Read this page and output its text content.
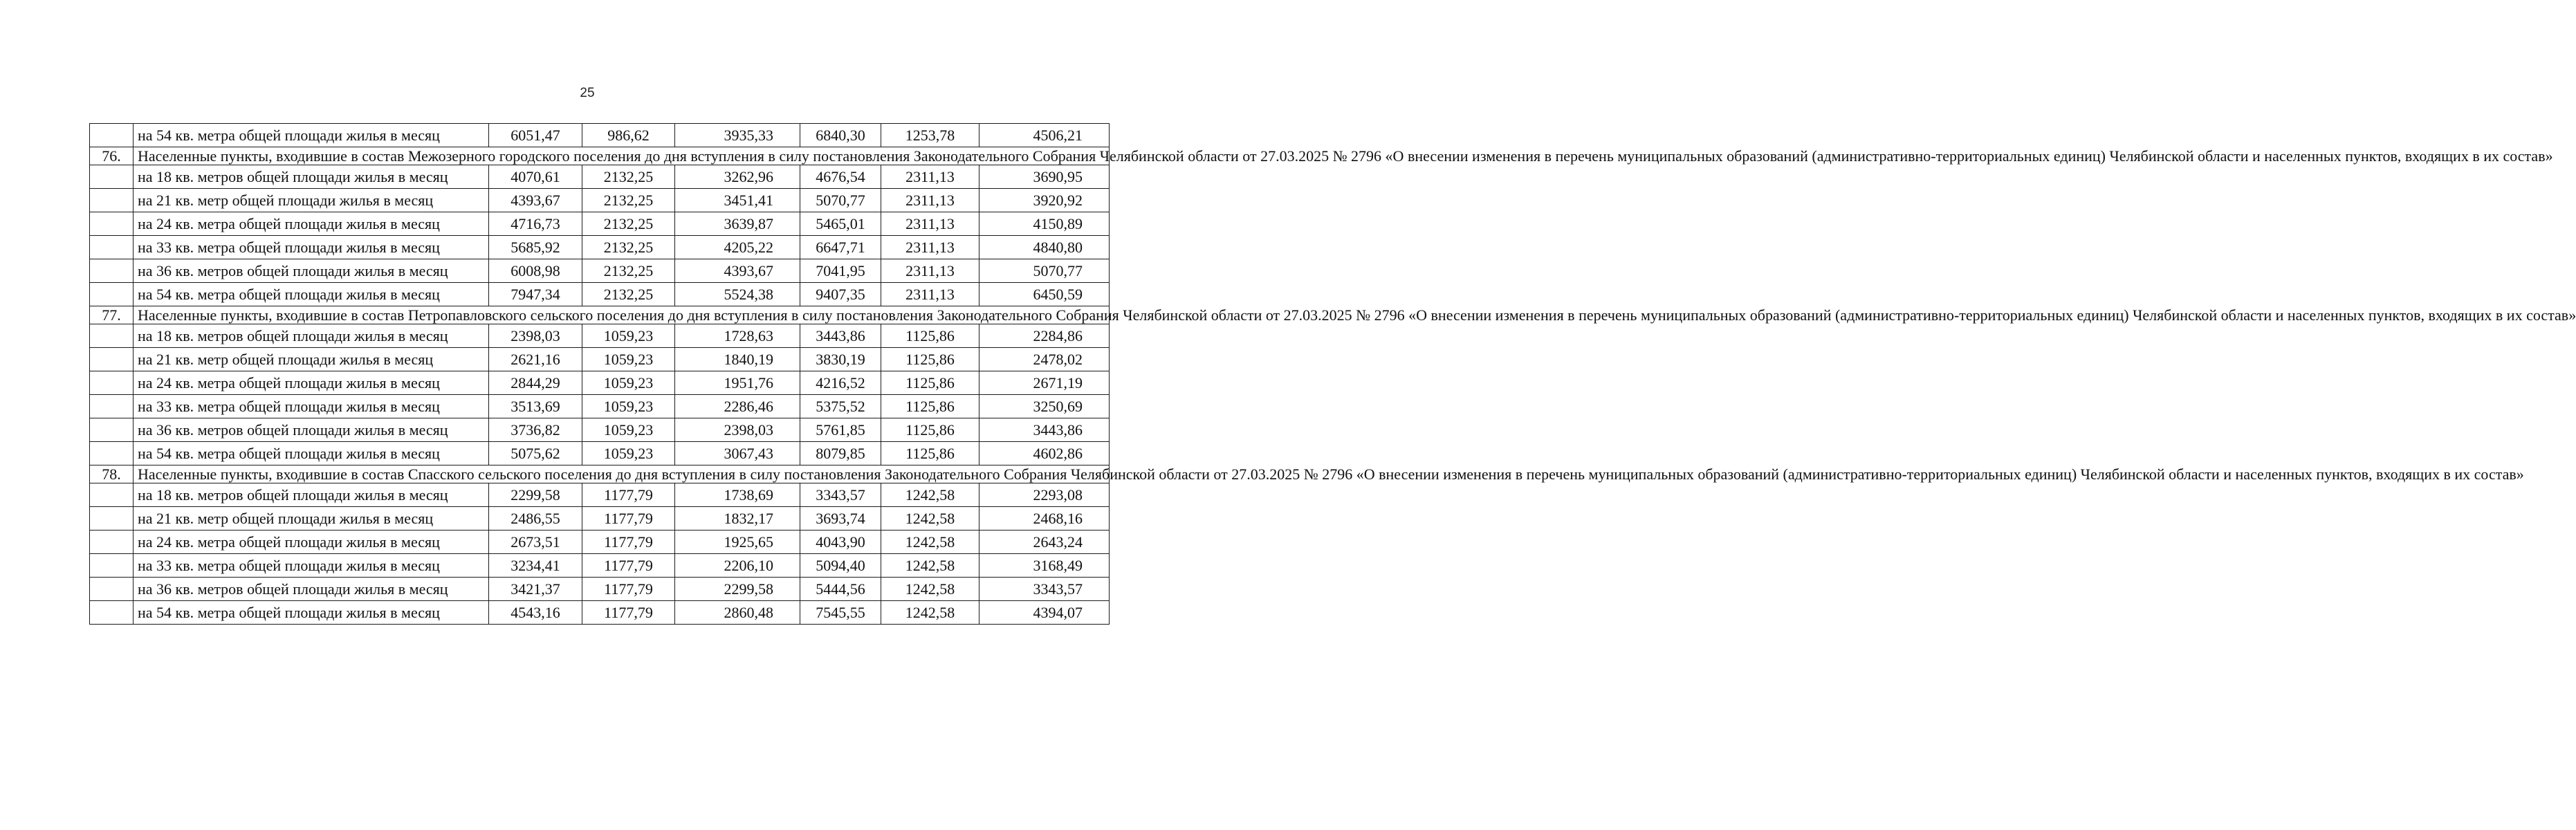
25
	на 54 кв. метра общей площади жилья в месяц	6051,47	986,62	3935,33	6840,30	1253,78	4506,21
76.	Населенные пункты, входившие в состав Межозерного городского поселения до дня вступления в силу постановления Законодательного Собрания Челябинской области от 27.03.2025 № 2796 «О внесении изменения в перечень муниципальных образований (административно-территориальных единиц) Челябинской области и населенных пунктов, входящих в их состав»						
	на 18 кв. метров общей площади жилья в месяц	4070,61	2132,25	3262,96	4676,54	2311,13	3690,95
	на 21 кв. метр общей площади жилья в месяц	4393,67	2132,25	3451,41	5070,77	2311,13	3920,92
	на 24 кв. метра общей площади жилья в месяц	4716,73	2132,25	3639,87	5465,01	2311,13	4150,89
	на 33 кв. метра общей площади жилья в месяц	5685,92	2132,25	4205,22	6647,71	2311,13	4840,80
	на 36 кв. метров общей площади жилья в месяц	6008,98	2132,25	4393,67	7041,95	2311,13	5070,77
	на 54 кв. метра общей площади жилья в месяц	7947,34	2132,25	5524,38	9407,35	2311,13	6450,59
77.	Населенные пункты, входившие в состав Петропавловского сельского поселения до дня вступления в силу постановления Законодательного Собрания Челябинской области от 27.03.2025 № 2796 «О внесении изменения в перечень муниципальных образований (административно-территориальных единиц) Челябинской области и населенных пунктов, входящих в их состав»						
	на 18 кв. метров общей площади жилья в месяц	2398,03	1059,23	1728,63	3443,86	1125,86	2284,86
	на 21 кв. метр общей площади жилья в месяц	2621,16	1059,23	1840,19	3830,19	1125,86	2478,02
	на 24 кв. метра общей площади жилья в месяц	2844,29	1059,23	1951,76	4216,52	1125,86	2671,19
	на 33 кв. метра общей площади жилья в месяц	3513,69	1059,23	2286,46	5375,52	1125,86	3250,69
	на 36 кв. метров общей площади жилья в месяц	3736,82	1059,23	2398,03	5761,85	1125,86	3443,86
	на 54 кв. метра общей площади жилья в месяц	5075,62	1059,23	3067,43	8079,85	1125,86	4602,86
78.	Населенные пункты, входившие в состав Спасского сельского поселения до дня вступления в силу постановления Законодательного Собрания Челябинской области от 27.03.2025 № 2796 «О внесении изменения в перечень муниципальных образований (административно-территориальных единиц) Челябинской области и населенных пунктов, входящих в их состав»						
	на 18 кв. метров общей площади жилья в месяц	2299,58	1177,79	1738,69	3343,57	1242,58	2293,08
	на 21 кв. метр общей площади жилья в месяц	2486,55	1177,79	1832,17	3693,74	1242,58	2468,16
	на 24 кв. метра общей площади жилья в месяц	2673,51	1177,79	1925,65	4043,90	1242,58	2643,24
	на 33 кв. метра общей площади жилья в месяц	3234,41	1177,79	2206,10	5094,40	1242,58	3168,49
	на 36 кв. метров общей площади жилья в месяц	3421,37	1177,79	2299,58	5444,56	1242,58	3343,57
	на 54 кв. метра общей площади жилья в месяц	4543,16	1177,79	2860,48	7545,55	1242,58	4394,07
